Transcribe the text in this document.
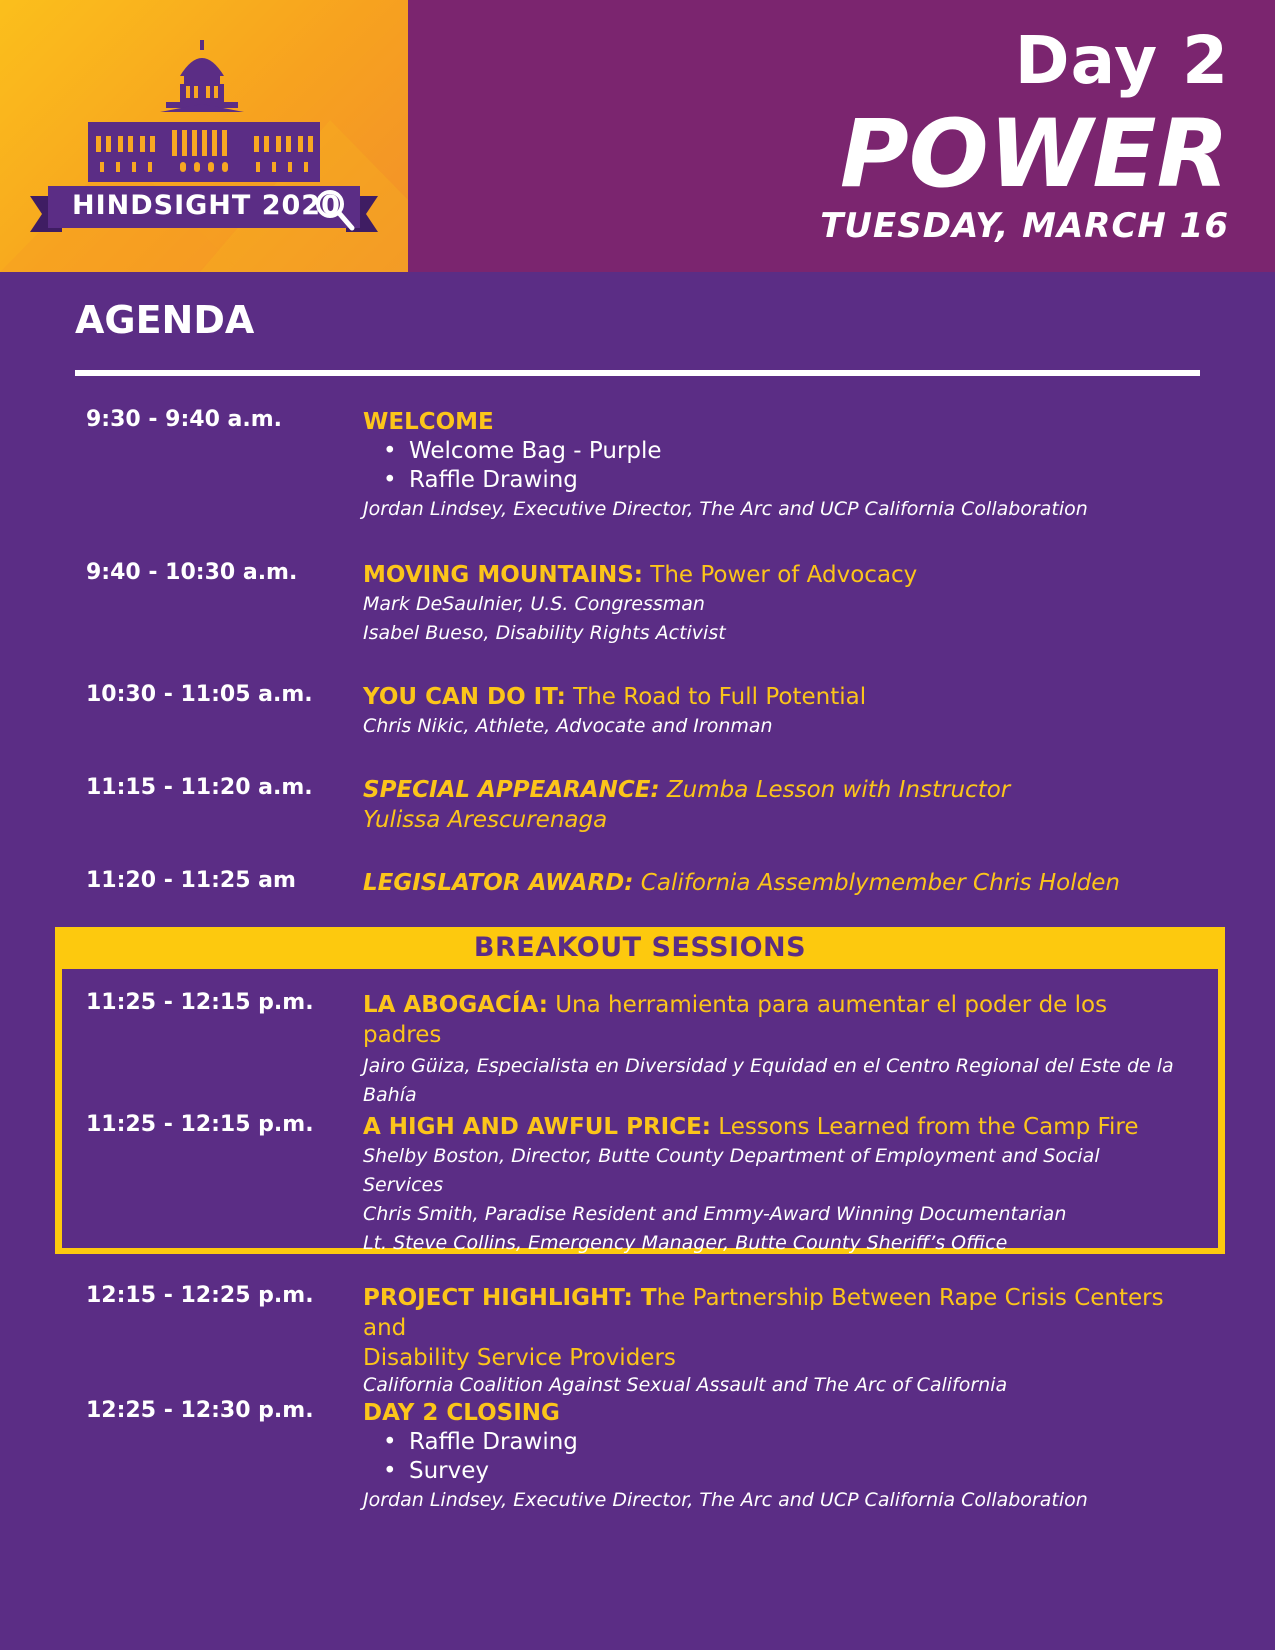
HINDSIGHT 2020
Day 2
POWER
TUESDAY, MARCH 16
AGENDA
9:30 - 9:40 a.m.	WELCOME
• Welcome Bag - Purple
• Raffle Drawing
Jordan Lindsey, Executive Director, The Arc and UCP California Collaboration
9:40 - 10:30 a.m.	MOVING MOUNTAINS: The Power of Advocacy
Mark DeSaulnier, U.S. Congressman
Isabel Bueso, Disability Rights Activist
10:30 - 11:05 a.m. YOU CAN DO IT: The Road to Full Potential
Chris Nikic, Athlete, Advocate and Ironman
11:15 - 11:20 a.m. SPECIAL APPEARANCE: Zumba Lesson with Instructor
Yulissa Arescurenaga
11:20 - 11:25 am	LEGISLATOR AWARD: California Assemblymember Chris Holden
BREAKOUT SESSIONS
11:25 - 12:15 p.m. LA ABOGACÍA: Una herramienta para aumentar el poder de los padres
Jairo Güiza, Especialista en Diversidad y Equidad en el Centro Regional del Este de la
Bahía
11:25 - 12:15 p.m. A HIGH AND AWFUL PRICE: Lessons Learned from the Camp Fire
Shelby Boston, Director, Butte County Department of Employment and Social Services
Chris Smith, Paradise Resident and Emmy-Award Winning Documentarian
Lt. Steve Collins, Emergency Manager, Butte County Sheriff’s Office
12:15 - 12:25 p.m. PROJECT HIGHLIGHT: The Partnership Between Rape Crisis Centers and
Disability Service Providers
California Coalition Against Sexual Assault and The Arc of California
12:25 - 12:30 p.m. DAY 2 CLOSING
• Raffle Drawing
• Survey
Jordan Lindsey, Executive Director, The Arc and UCP California Collaboration
